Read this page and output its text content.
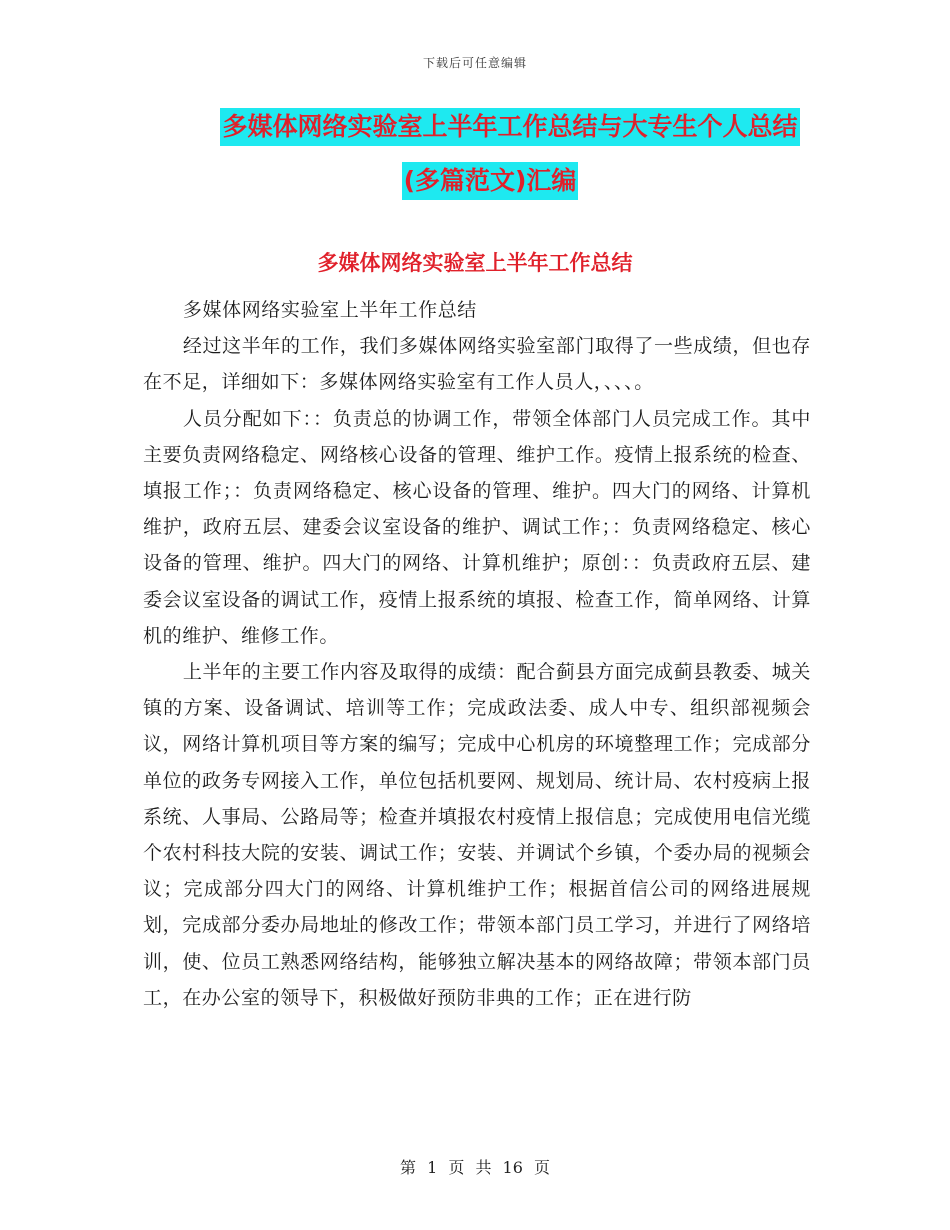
下载后可任意编辑
多媒体网络实验室上半年工作总结与大专生个人总结
(多篇范文)汇编
多媒体网络实验室上半年工作总结

多媒体网络实验室上半年工作总结

经过这半年的工作，我们多媒体网络实验室部门取得了一些成绩，但也存在不足，详细如下：多媒体网络实验室有工作人员人，、、、。

人员分配如下：：负责总的协调工作，带领全体部门人员完成工作。其中主要负责网络稳定、网络核心设备的管理、维护工作。疫情上报系统的检查、填报工作；：负责网络稳定、核心设备的管理、维护。四大门的网络、计算机维护，政府五层、建委会议室设备的维护、调试工作；：负责网络稳定、核心设备的管理、维护。四大门的网络、计算机维护；原创：：负责政府五层、建委会议室设备的调试工作，疫情上报系统的填报、检查工作，简单网络、计算机的维护、维修工作。

上半年的主要工作内容及取得的成绩：配合蓟县方面完成蓟县教委、城关镇的方案、设备调试、培训等工作；完成政法委、成人中专、组织部视频会议，网络计算机项目等方案的编写；完成中心机房的环境整理工作；完成部分单位的政务专网接入工作，单位包括机要网、规划局、统计局、农村疫病上报系统、人事局、公路局等；检查并填报农村疫情上报信息；完成使用电信光缆个农村科技大院的安装、调试工作；安装、并调试个乡镇，个委办局的视频会议；完成部分四大门的网络、计算机维护工作；根据首信公司的网络进展规划，完成部分委办局地址的修改工作；带领本部门员工学习，并进行了网络培训，使、位员工熟悉网络结构，能够独立解决基本的网络故障；带领本部门员工，在办公室的领导下，积极做好预防非典的工作；正在进行防

第 1 页 共 16 页
